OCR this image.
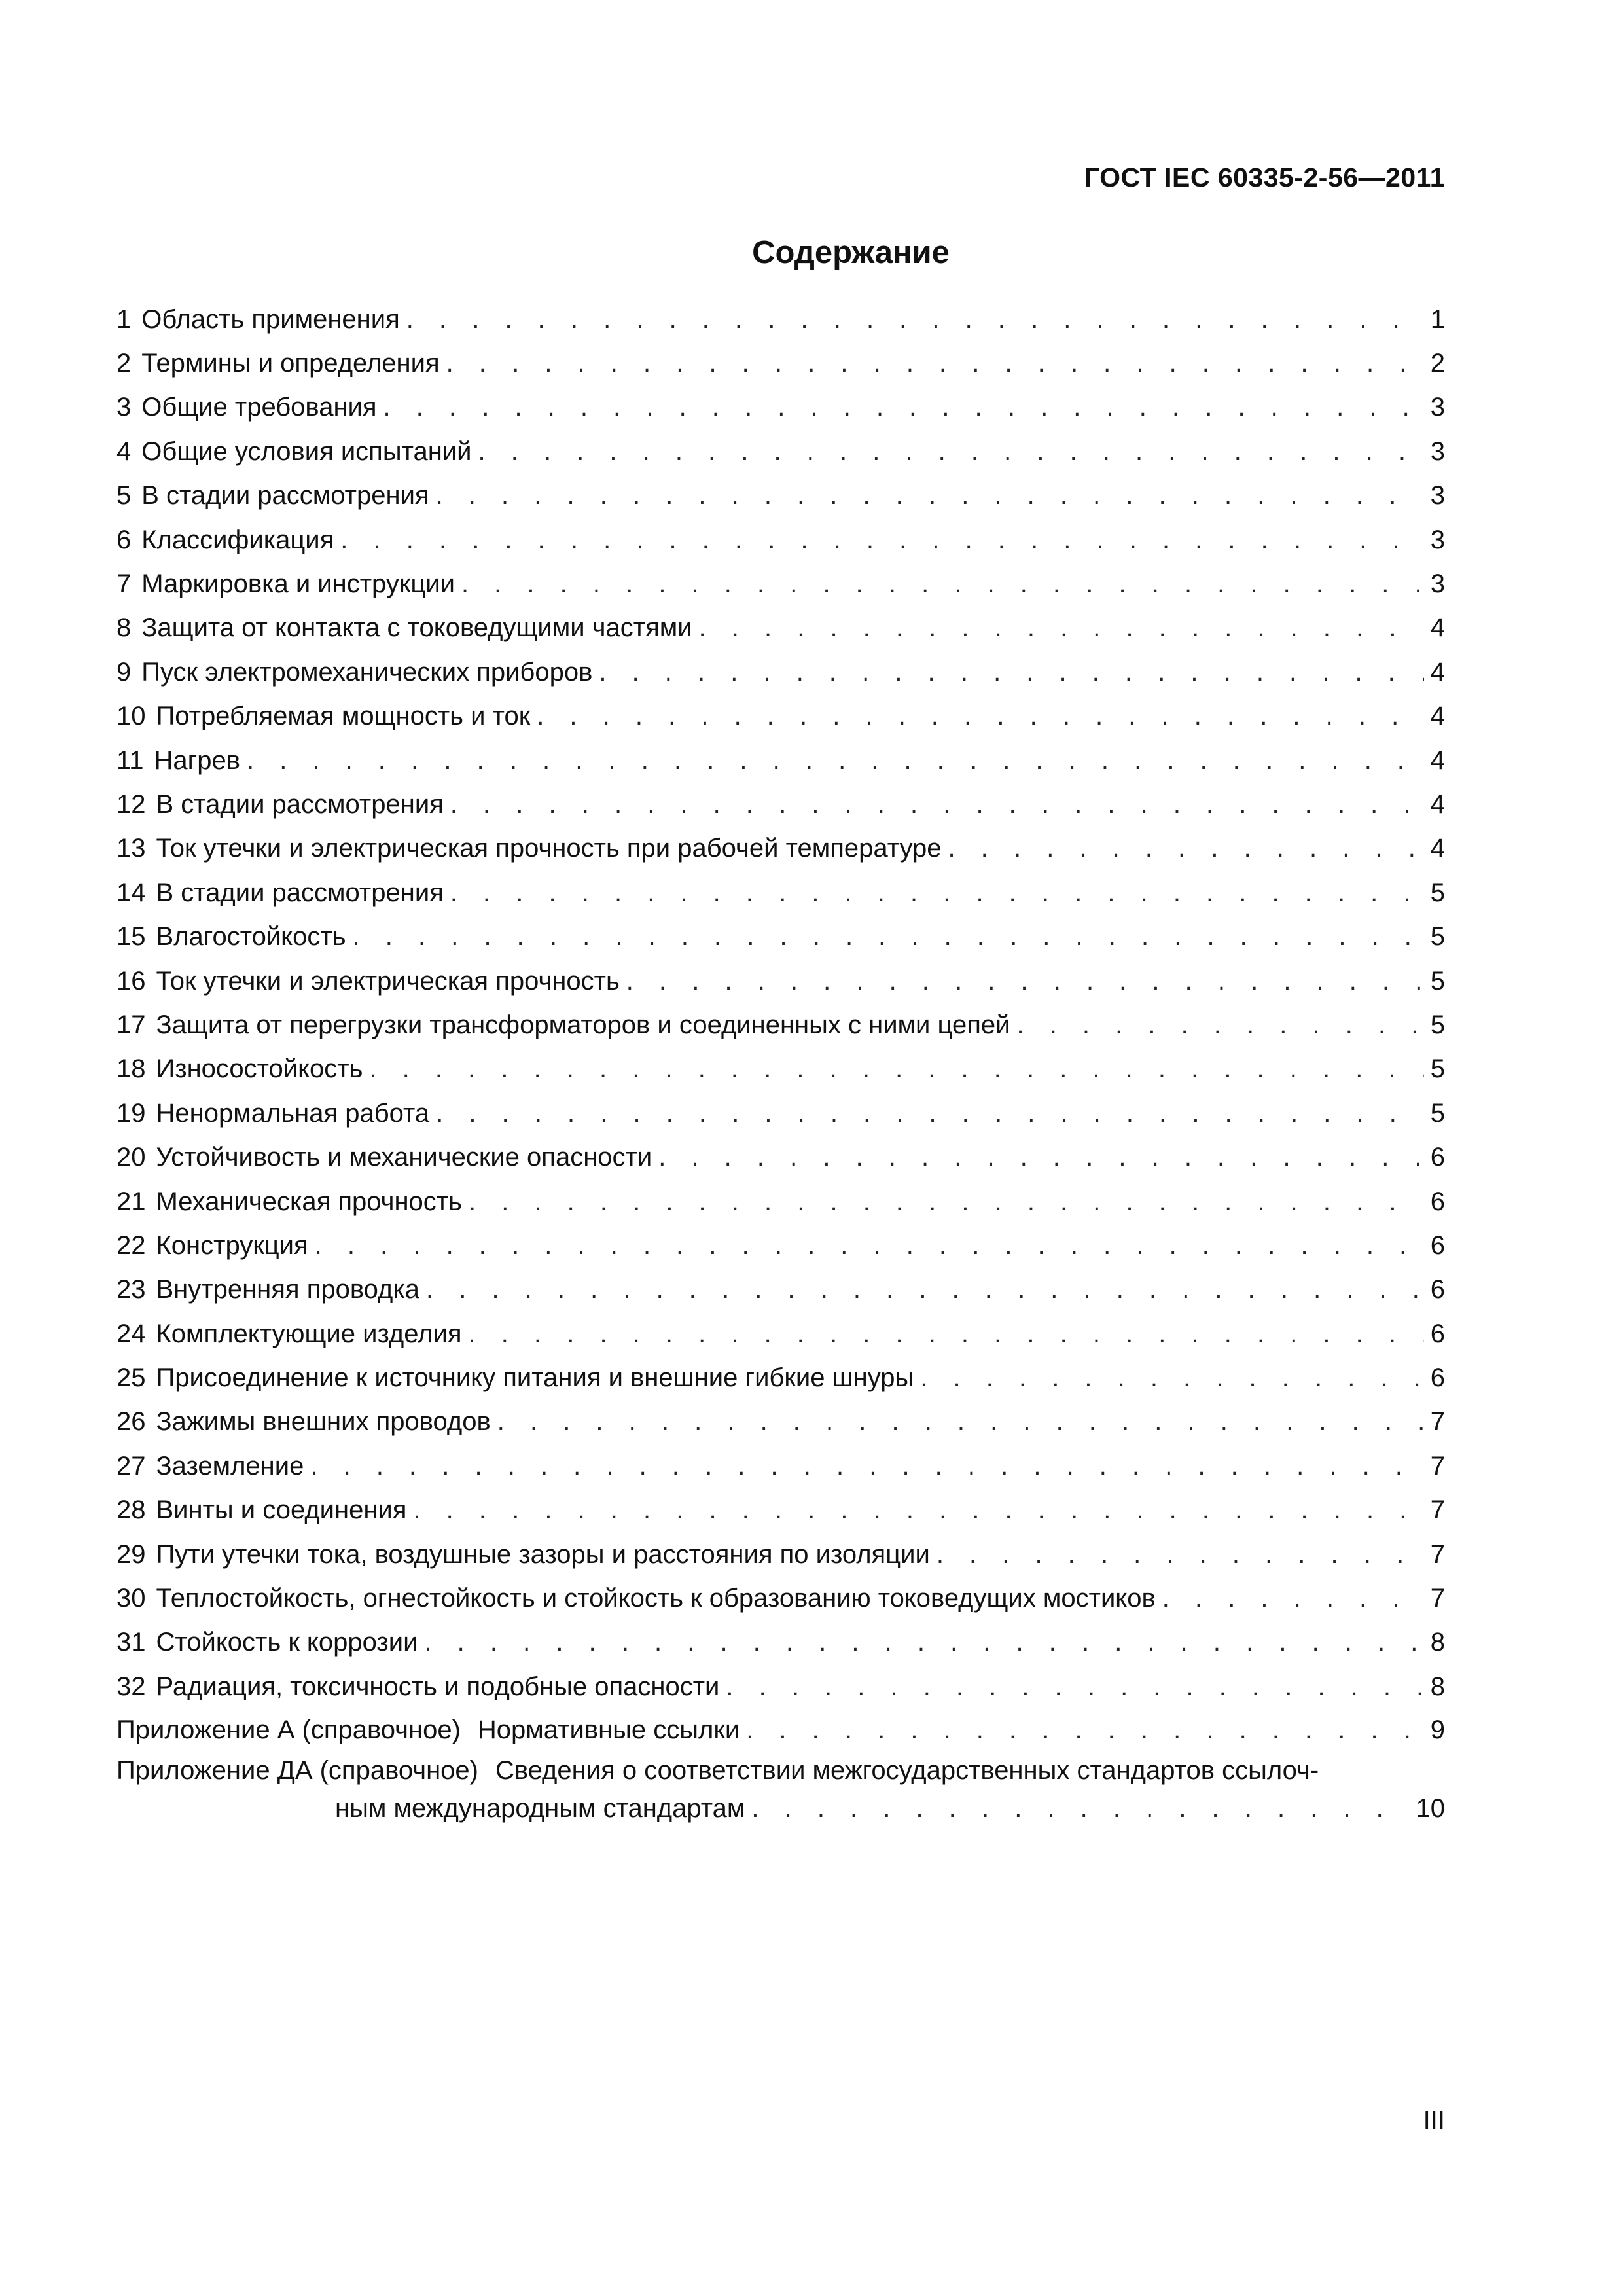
ГОСТ IEC 60335-2-56—2011
Содержание
1 Область применения . . .	1
2 Термины и определения . . .	2
3 Общие требования . . .	3
4 Общие условия испытаний . . .	3
5 В стадии рассмотрения . . .	3
6 Классификация . . .	3
7 Маркировка и инструкции . . .	3
8 Защита от контакта с токоведущими частями . . .	4
9 Пуск электромеханических приборов . . .	4
10 Потребляемая мощность и ток . . .	4
11 Нагрев . . .	4
12 В стадии рассмотрения . . .	4
13 Ток утечки и электрическая прочность при рабочей температуре . . .	4
14 В стадии рассмотрения . . .	5
15 Влагостойкость . . .	5
16 Ток утечки и электрическая прочность . . .	5
17 Защита от перегрузки трансформаторов и соединенных с ними цепей . . .	5
18 Износостойкость . . .	5
19 Ненормальная работа . . .	5
20 Устойчивость и механические опасности . . .	6
21 Механическая прочность . . .	6
22 Конструкция . . .	6
23 Внутренняя проводка . . .	6
24 Комплектующие изделия . . .	6
25 Присоединение к источнику питания и внешние гибкие шнуры . . .	6
26 Зажимы внешних проводов . . .	7
27 Заземление . . .	7
28 Винты и соединения . . .	7
29 Пути утечки тока, воздушные зазоры и расстояния по изоляции . . .	7
30 Теплостойкость, огнестойкость и стойкость к образованию токоведущих мостиков . . .	7
31 Стойкость к коррозии . . .	8
32 Радиация, токсичность и подобные опасности . . .	8
Приложение А (справочное) Нормативные ссылки . . .	9
Приложение ДА (справочное) Сведения о соответствии межгосударственных стандартов ссылоч-
ным международным стандартам . . .	10
III
